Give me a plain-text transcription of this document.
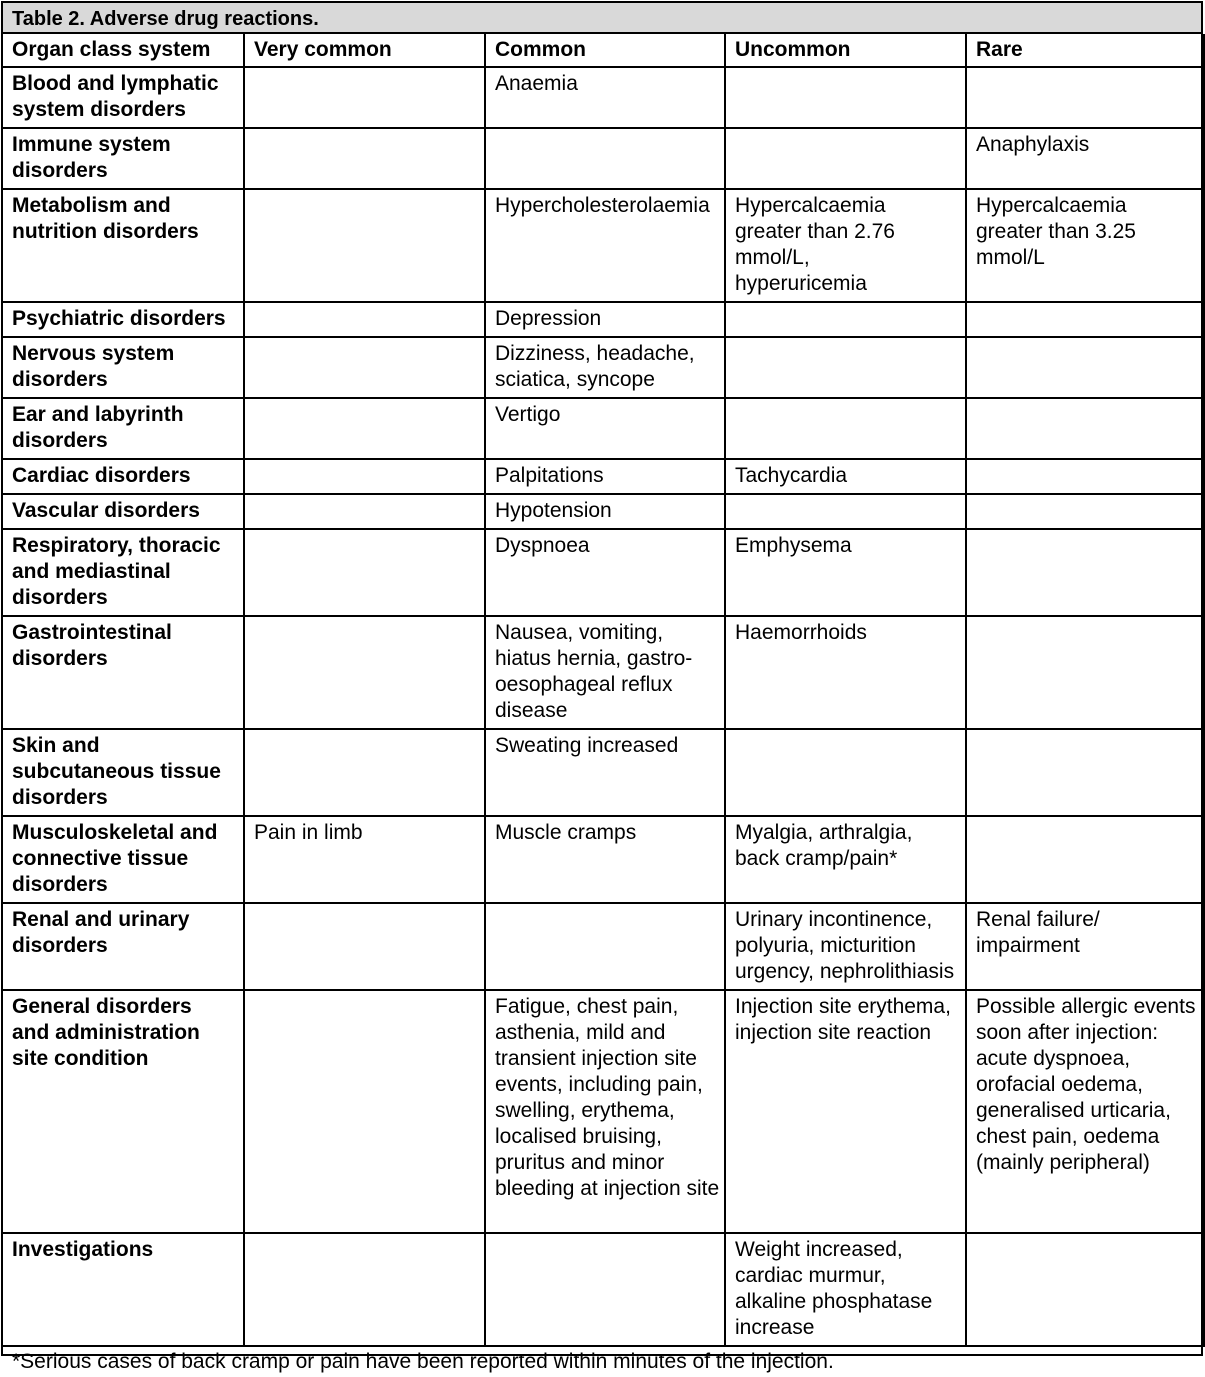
Table 2. Adverse drug reactions.
Organ class system	Very common	Common	Uncommon	Rare
Blood and lymphatic system disorders		Anaemia		
Immune system disorders				Anaphylaxis
Metabolism and nutrition disorders		Hypercholesterolaemia	Hypercalcaemia greater than 2.76 mmol/L, hyperuricemia	Hypercalcaemia greater than 3.25 mmol/L
Psychiatric disorders		Depression		
Nervous system disorders		Dizziness, headache, sciatica, syncope		
Ear and labyrinth disorders		Vertigo		
Cardiac disorders		Palpitations	Tachycardia	
Vascular disorders		Hypotension		
Respiratory, thoracic and mediastinal disorders		Dyspnoea	Emphysema	
Gastrointestinal disorders		Nausea, vomiting, hiatus hernia, gastro-oesophageal reflux disease	Haemorrhoids	
Skin and subcutaneous tissue disorders		Sweating increased		
Musculoskeletal and connective tissue disorders	Pain in limb	Muscle cramps	Myalgia, arthralgia, back cramp/pain*	
Renal and urinary disorders			Urinary incontinence, polyuria, micturition urgency, nephrolithiasis	Renal failure/ impairment
General disorders and administration site condition		Fatigue, chest pain, asthenia, mild and transient injection site events, including pain, swelling, erythema, localised bruising, pruritus and minor bleeding at injection site	Injection site erythema, injection site reaction	Possible allergic events soon after injection: acute dyspnoea, orofacial oedema, generalised urticaria, chest pain, oedema (mainly peripheral)
Investigations			Weight increased, cardiac murmur, alkaline phosphatase increase	
*Serious cases of back cramp or pain have been reported within minutes of the injection.
